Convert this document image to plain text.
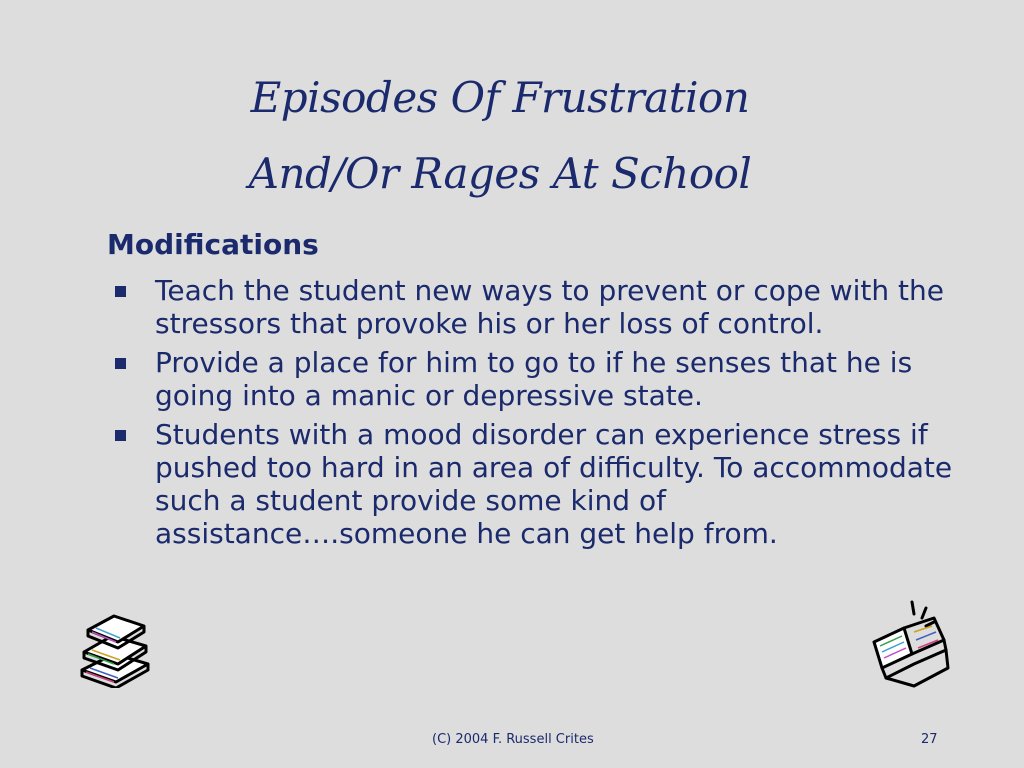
Episodes Of Frustration
And/Or Rages At School
Modifications
Teach the student new ways to prevent or cope with the stressors that provoke his or her loss of control.
Provide a place for him to go to if he senses that he is going into a manic or depressive state.
Students with a mood disorder can experience stress if pushed too hard in an area of difficulty. To accommodate such a student provide some kind of assistance….someone he can get help from.
(C) 2004 F. Russell Crites	27
